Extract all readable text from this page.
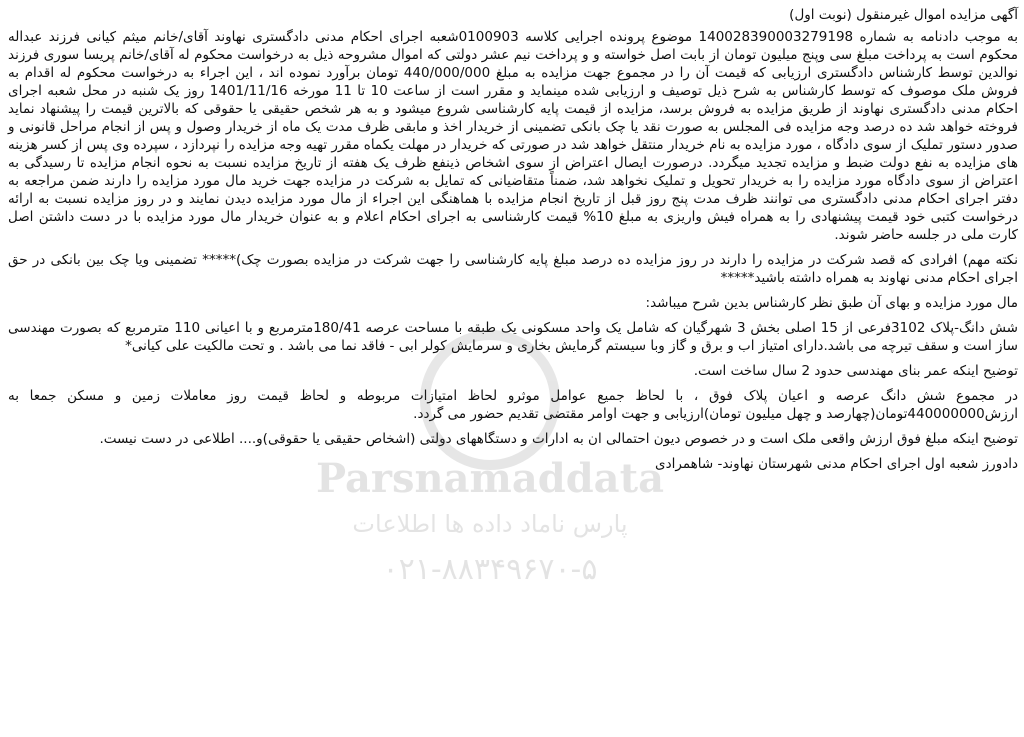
Parsnamaddata
پارس ناماد داده ها اطلاعات
۰۲۱-۸۸۳۴۹۶۷۰-۵
آگهی مزایده اموال غیرمنقول (نوبت اول)

به موجب دادنامه به شماره 140028390003279198 موضوع پرونده اجرایی کلاسه 0100903شعبه اجرای احکام مدنی دادگستری نهاوند آقای/خانم میثم کیانی فرزند عبداله محکوم است به پرداخت مبلغ سی وپنج میلیون تومان از بابت اصل خواسته و و پرداخت نیم عشر دولتی که اموال مشروحه ذیل به درخواست محکوم له آقای/خانم پریسا سوری فرزند نوالدین توسط کارشناس دادگستری ارزیابی که قیمت آن را در مجموع جهت مزایده به مبلغ 440/000/000 تومان برآورد نموده اند ، این اجراء به درخواست محکوم له اقدام به فروش ملک موصوف که توسط کارشناس به شرح ذیل توصیف و ارزیابی شده مینماید و مقرر است از ساعت 10 تا 11 مورخه 1401/11/16 روز یک شنبه در محل شعبه اجرای احکام مدنی دادگستری نهاوند از طریق مزایده به فروش برسد، مزایده از قیمت پایه کارشناسی شروع میشود و به هر شخص حقیقی یا حقوقی که بالاترین قیمت را پیشنهاد نماید فروخته خواهد شد ده درصد وجه مزایده فی المجلس به صورت نقد یا چک بانکی تضمینی از خریدار اخذ و مابقی ظرف مدت یک ماه از خریدار وصول و پس از انجام مراحل قانونی و صدور دستور تملیک از سوی دادگاه ، مورد مزایده به نام خریدار منتقل خواهد شد در صورتی که خریدار در مهلت یکماه مقرر تهیه وجه مزایده را نپردازد ، سپرده وی پس از کسر هزینه های مزایده به نفع دولت ضبط و مزایده تجدید میگردد. درصورت ایصال اعتراض از سوی اشخاص ذینفع ظرف یک هفته از تاریخ مزایده نسبت به نحوه انجام مزایده تا رسیدگی به اعتراض از سوی دادگاه مورد مزایده را به خریدار تحویل و تملیک نخواهد شد، ضمناً متقاضیانی که تمایل به شرکت در مزایده جهت خرید مال مورد مزایده را دارند ضمن مراجعه به دفتر اجرای احکام مدنی دادگستری می توانند ظرف مدت پنج روز قبل از تاریخ انجام مزایده با هماهنگی این اجراء از مال مورد مزایده دیدن نمایند و در روز مزایده نسبت به ارائه درخواست کتبی خود قیمت پیشنهادی را به همراه فیش واریزی به مبلغ 10% قیمت کارشناسی به اجرای احکام اعلام و به عنوان خریدار مال مورد مزایده با در دست داشتن اصل کارت ملی در جلسه حاضر شوند.

نکته مهم) افرادی که قصد شرکت در مزایده را دارند در روز مزایده ده درصد مبلغ پایه کارشناسی را جهت شرکت در مزایده بصورت چک)***** تضمینی ویا چک بین بانکی در حق اجرای احکام مدنی نهاوند به همراه داشته باشید*****

مال مورد مزایده و بهای آن طبق نظر کارشناس بدین شرح میباشد:

شش دانگ-پلاک 3102فرعی از 15 اصلی بخش 3 شهرگیان که شامل یک واحد مسکونی یک طبقه با مساحت عرصه 180/41مترمربع و با اعیانی 110 مترمربع که بصورت مهندسی ساز است و سقف تیرچه می باشد.دارای امتیاز اب و برق و گاز وبا سیستم گرمایش بخاری و سرمایش کولر ابی - فاقد نما می باشد . و تحت مالکیت علی کیانی*

توضیح اینکه عمر بنای مهندسی حدود 2 سال ساخت است.

در مجموع شش دانگ عرصه و اعیان پلاک فوق ، با لحاظ جمیع عوامل موثرو لحاظ امتیازات مربوطه و لحاظ قیمت روز معاملات زمین و مسکن جمعا به ارزش440000000تومان(چهارصد و چهل میلیون تومان)ارزیابی و جهت اوامر مقتضی تقدیم حضور می گردد.

توضیح اینکه مبلغ فوق ارزش واقعی ملک است و در خصوص دیون احتمالی ان به ادارات و دستگاههای دولتی (اشخاص حقیقی یا حقوقی)و.... اطلاعی در دست نیست.

دادورز شعبه اول اجرای احکام مدنی شهرستان نهاوند- شاهمرادی
